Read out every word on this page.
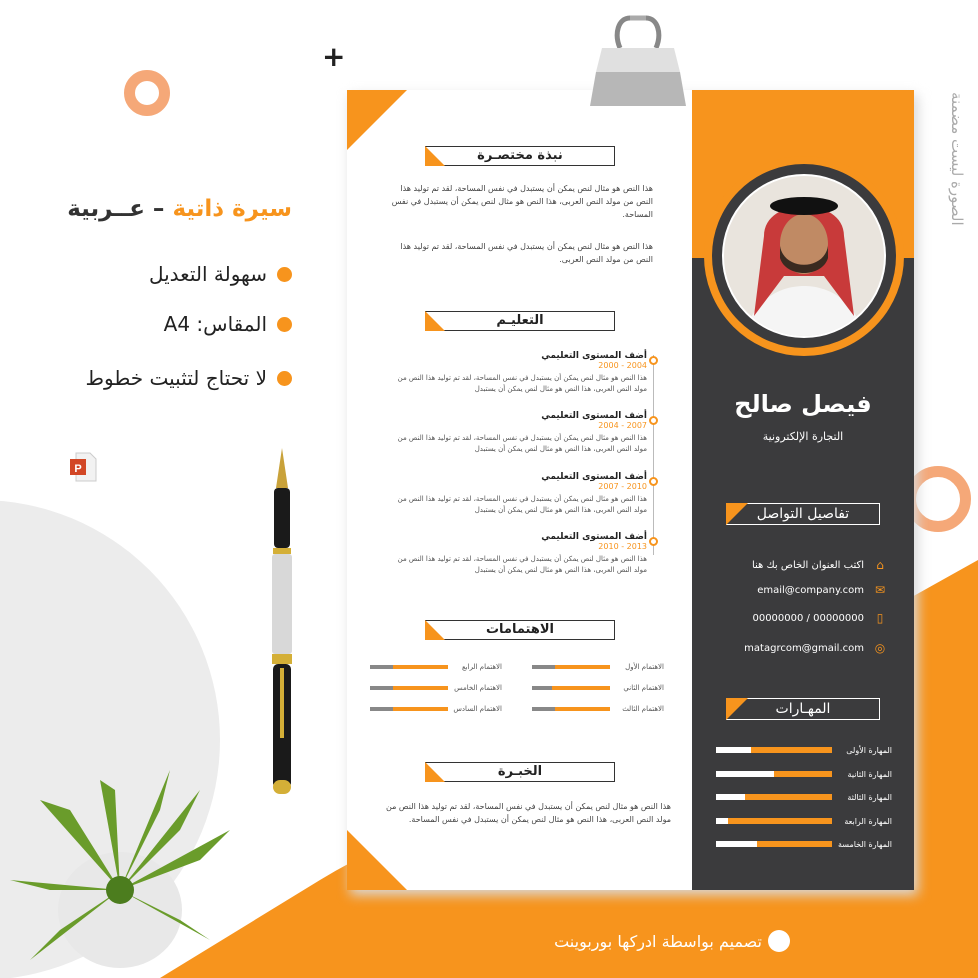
+
الصورة ليست مضمنة
سيرة ذاتية – عــربية
سهولة التعديل
المقاس: A4
لا تحتاج لتثبيت خطوط
P
نبذة مختصـرة
هذا النص هو مثال لنص يمكن أن يستبدل في نفس المساحة، لقد تم توليد هذا النص من مولد النص العربى، هذا النص هو مثال لنص يمكن أن يستبدل في نفس المساحة.
هذا النص هو مثال لنص يمكن أن يستبدل في نفس المساحة، لقد تم توليد هذا النص من مولد النص العربى.
التعليـم
أضف المستوى التعليمي
2004 - 2000
هذا النص هو مثال لنص يمكن أن يستبدل في نفس المساحة، لقد تم توليد هذا النص من مولد النص العربى، هذا النص هو مثال لنص يمكن أن يستبدل
أضف المستوى التعليمي
2007 - 2004
هذا النص هو مثال لنص يمكن أن يستبدل في نفس المساحة، لقد تم توليد هذا النص من مولد النص العربى، هذا النص هو مثال لنص يمكن أن يستبدل
أضف المستوى التعليمي
2010 - 2007
هذا النص هو مثال لنص يمكن أن يستبدل في نفس المساحة، لقد تم توليد هذا النص من مولد النص العربى، هذا النص هو مثال لنص يمكن أن يستبدل
أضف المستوى التعليمي
2013 - 2010
هذا النص هو مثال لنص يمكن أن يستبدل في نفس المساحة، لقد تم توليد هذا النص من مولد النص العربى، هذا النص هو مثال لنص يمكن أن يستبدل
الاهتمامات
الاهتمام الأول
الاهتمام الثاني
الاهتمام الثالث
الاهتمام الرابع
الاهتمام الخامس
الاهتمام السادس
الخبـرة
هذا النص هو مثال لنص يمكن أن يستبدل في نفس المساحة، لقد تم توليد هذا النص من مولد النص العربى، هذا النص هو مثال لنص يمكن أن يستبدل في نفس المساحة.
فيصل صالح
التجارة الإلكترونية
تفاصيل التواصل
اكتب العنوان الخاص بك هنا	⌂
email@company.com ✉
00000000 / 00000000	▯
matagrcom@gmail.com ◎
المهـارات
المهارة الأولى
المهارة الثانية
المهارة الثالثة
المهارة الرابعة
المهارة الخامسة
تصميم بواسطة ادركها بوربوينت
